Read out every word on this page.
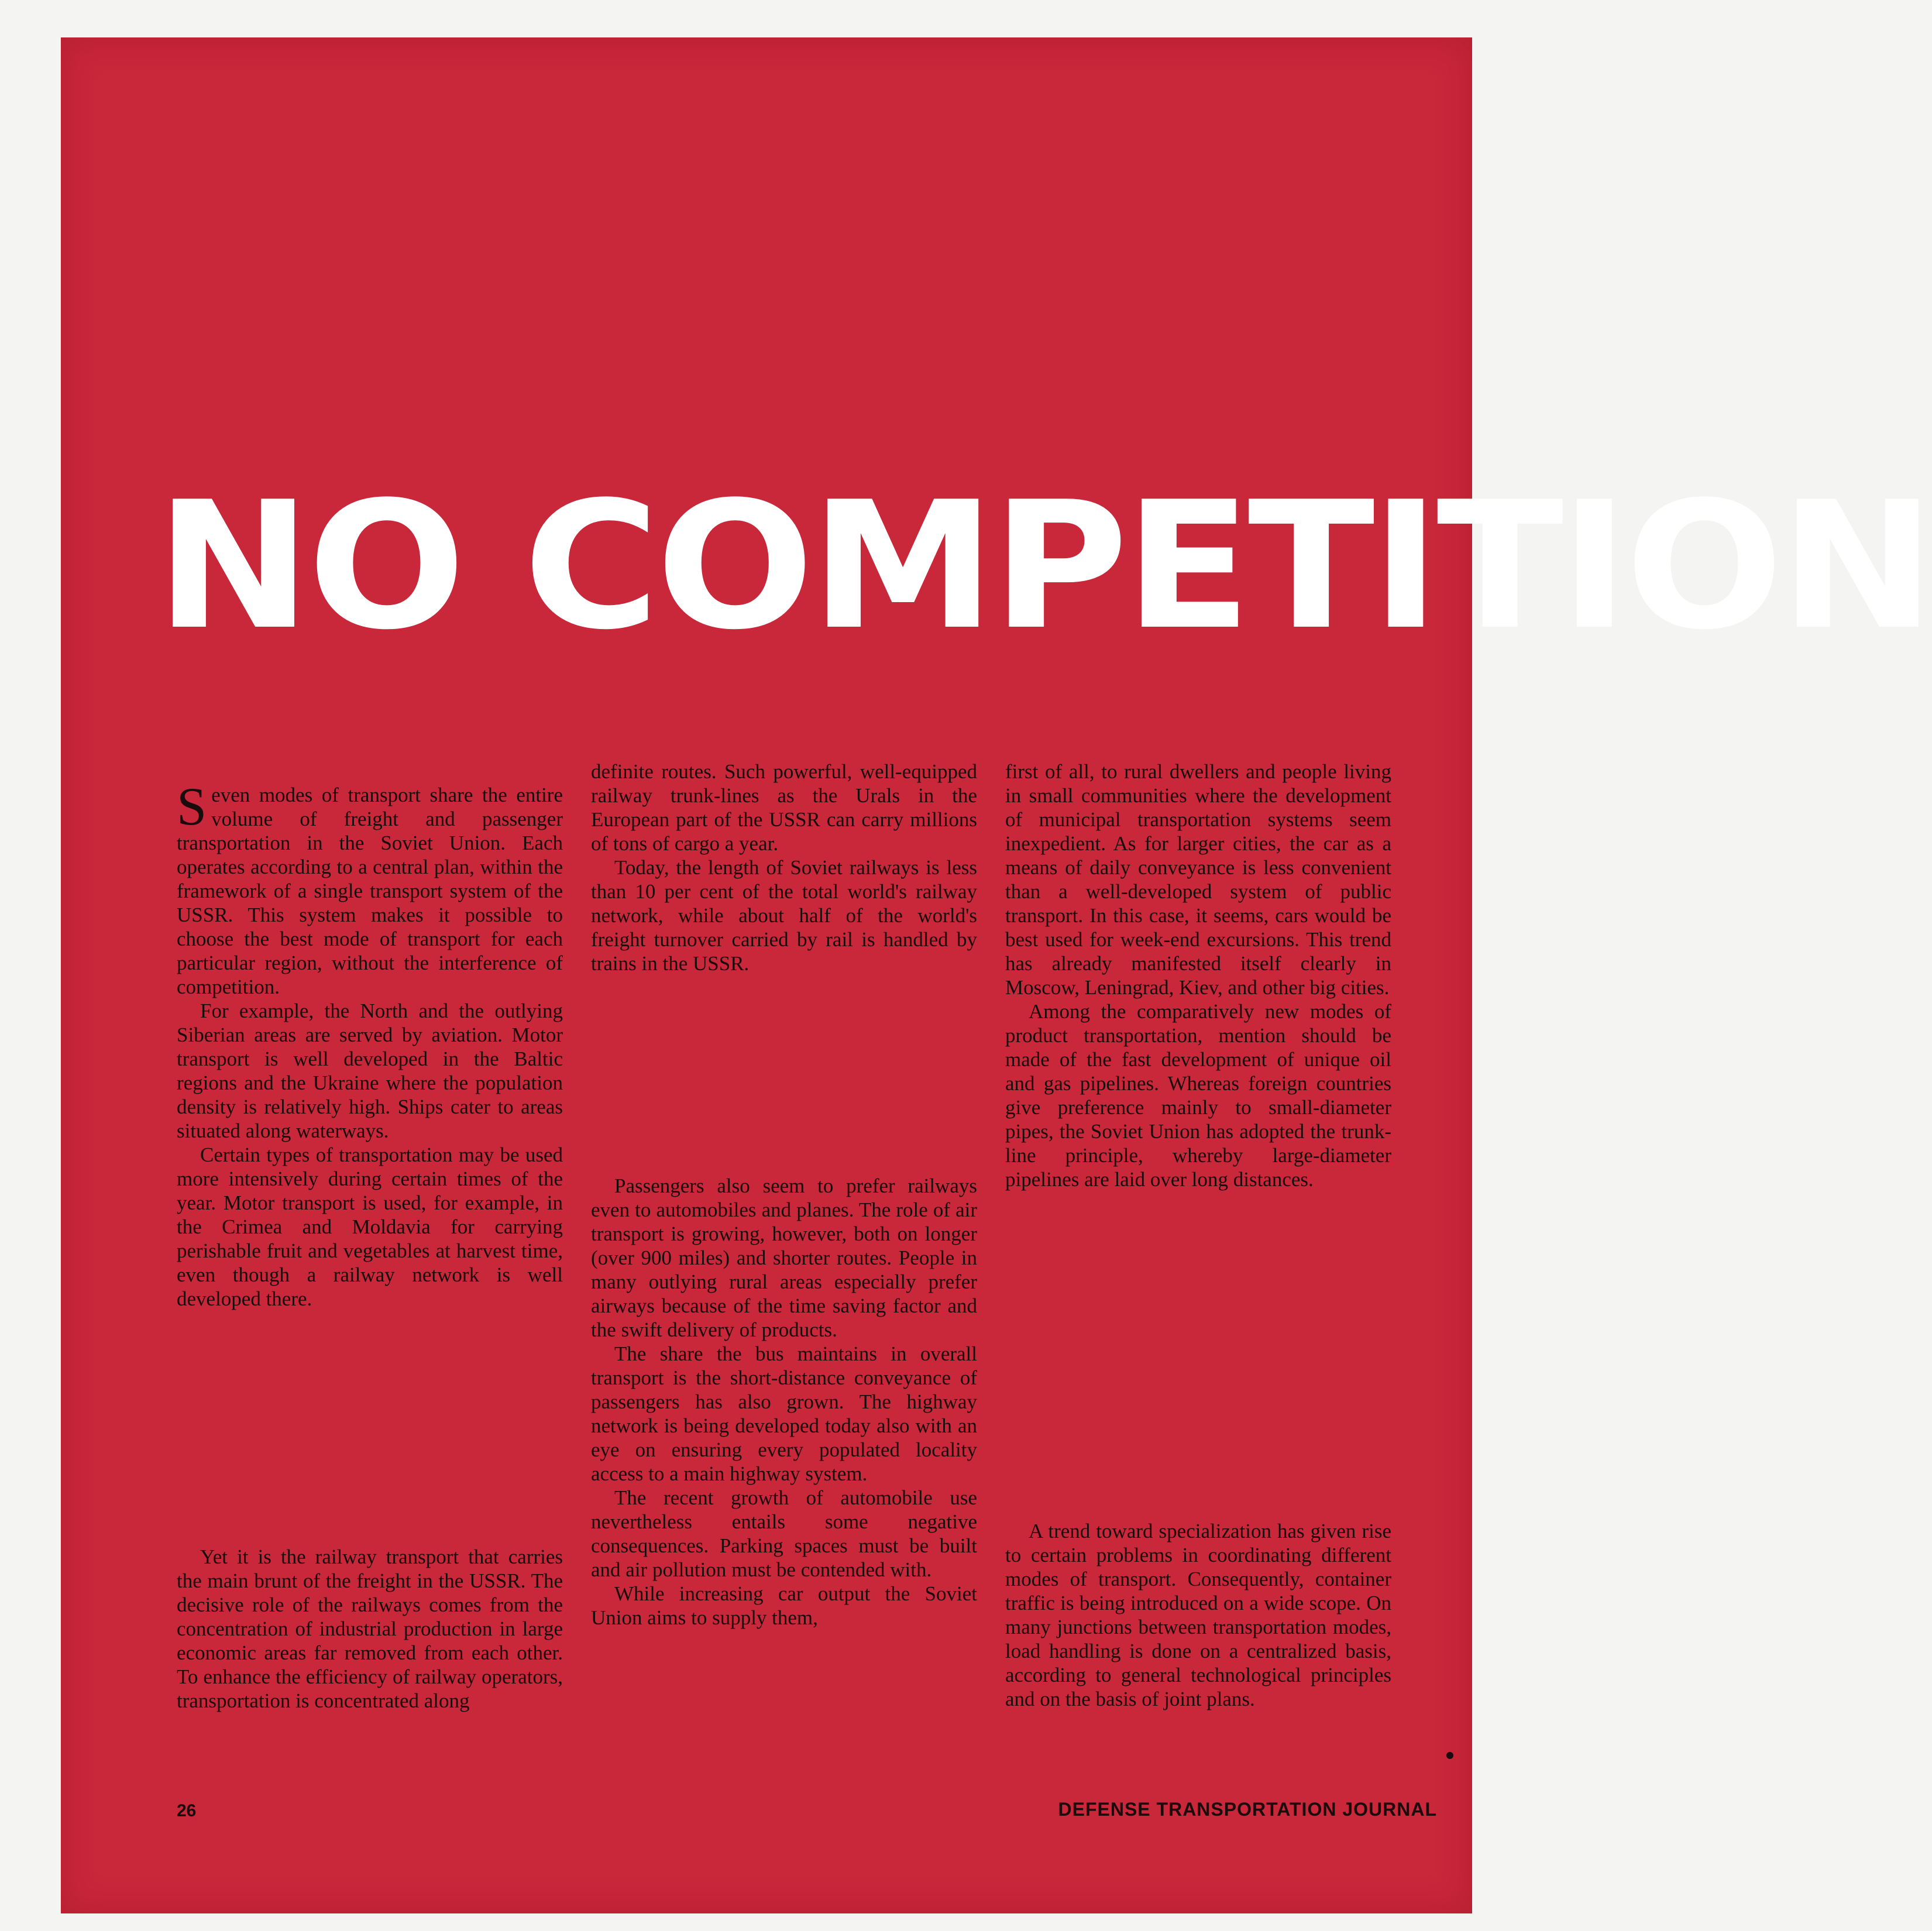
NO COMPETITION

Seven modes of transport share the entire volume of freight and passenger transportation in the Soviet Union. Each operates according to a central plan, within the framework of a single transport system of the USSR. This system makes it possible to choose the best mode of transport for each particular region, without the interference of competition.

For example, the North and the outlying Siberian areas are served by aviation. Motor transport is well developed in the Baltic regions and the Ukraine where the population density is relatively high. Ships cater to areas situated along waterways.

Certain types of transportation may be used more intensively during certain times of the year. Motor transport is used, for example, in the Crimea and Moldavia for carrying perishable fruit and vegetables at harvest time, even though a railway network is well developed there.

Yet it is the railway transport that carries the main brunt of the freight in the USSR. The decisive role of the railways comes from the concentration of industrial production in large economic areas far removed from each other. To enhance the efficiency of railway operators, transportation is concentrated along

definite routes. Such powerful, well-equipped railway trunk-lines as the Urals in the European part of the USSR can carry millions of tons of cargo a year.

Today, the length of Soviet railways is less than 10 per cent of the total world's railway network, while about half of the world's freight turnover carried by rail is handled by trains in the USSR.

Passengers also seem to prefer railways even to automobiles and planes. The role of air transport is growing, however, both on longer (over 900 miles) and shorter routes. People in many outlying rural areas especially prefer airways because of the time saving factor and the swift delivery of products.

The share the bus maintains in overall transport is the short-distance conveyance of passengers has also grown. The highway network is being developed today also with an eye on ensuring every populated locality access to a main highway system.

The recent growth of automobile use nevertheless entails some negative consequences. Parking spaces must be built and air pollution must be contended with.

While increasing car output the Soviet Union aims to supply them,

first of all, to rural dwellers and people living in small communities where the development of municipal transportation systems seem inexpedient. As for larger cities, the car as a means of daily conveyance is less convenient than a well-developed system of public transport. In this case, it seems, cars would be best used for week-end excursions. This trend has already manifested itself clearly in Moscow, Leningrad, Kiev, and other big cities.

Among the comparatively new modes of product transportation, mention should be made of the fast development of unique oil and gas pipelines. Whereas foreign countries give preference mainly to small-diameter pipes, the Soviet Union has adopted the trunk-line principle, whereby large-diameter pipelines are laid over long distances.

A trend toward specialization has given rise to certain problems in coordinating different modes of transport. Consequently, container traffic is being introduced on a wide scope. On many junctions between transportation modes, load handling is done on a centralized basis, according to general technological principles and on the basis of joint plans.

26	DEFENSE TRANSPORTATION JOURNAL
